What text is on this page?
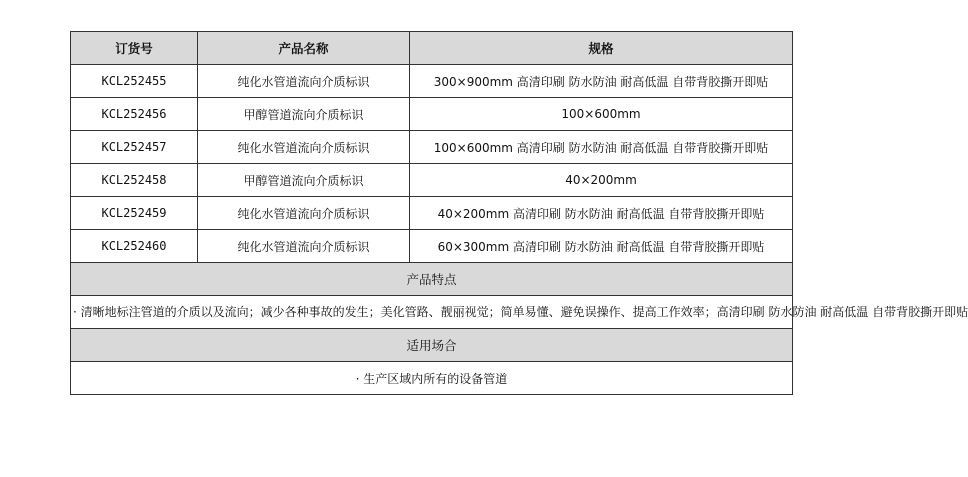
订货号	产品名称	规格
KCL252455	纯化水管道流向介质标识	300×900mm 高清印刷 防水防油 耐高低温 自带背胶撕开即贴
KCL252456	甲醇管道流向介质标识	100×600mm
KCL252457	纯化水管道流向介质标识	100×600mm 高清印刷 防水防油 耐高低温 自带背胶撕开即贴
KCL252458	甲醇管道流向介质标识	40×200mm
KCL252459	纯化水管道流向介质标识	40×200mm 高清印刷 防水防油 耐高低温 自带背胶撕开即贴
KCL252460	纯化水管道流向介质标识	60×300mm 高清印刷 防水防油 耐高低温 自带背胶撕开即贴
产品特点		
· 清晰地标注管道的介质以及流向；减少各种事故的发生；美化管路、靓丽视觉；简单易懂、避免误操作、提高工作效率；高清印刷 防水防油 耐高低温 自带背胶撕开即贴		
适用场合		
· 生产区域内所有的设备管道		
